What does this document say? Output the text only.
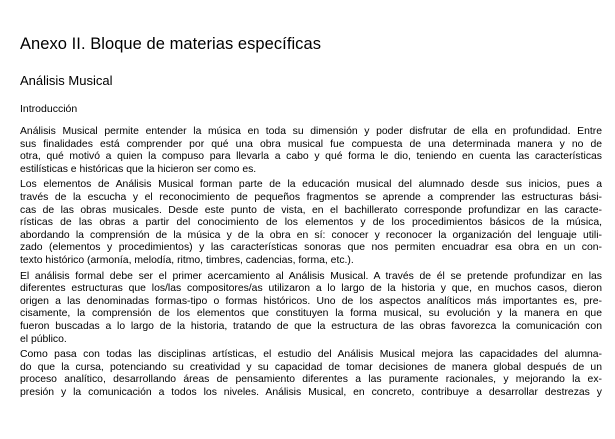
Anexo II. Bloque de materias específicas
Análisis Musical
Introducción

Análisis Musical permite entender la música en toda su dimensión y poder disfrutar de ella en profundidad. Entre
sus finalidades está comprender por qué una obra musical fue compuesta de una determinada manera y no de
otra, qué motivó a quien la compuso para llevarla a cabo y qué forma le dio, teniendo en cuenta las características
estilísticas e históricas que la hicieron ser como es.

Los elementos de Análisis Musical forman parte de la educación musical del alumnado desde sus inicios, pues a
través de la escucha y el reconocimiento de pequeños fragmentos se aprende a comprender las estructuras bási-
cas de las obras musicales. Desde este punto de vista, en el bachillerato corresponde profundizar en las caracte-
rísticas de las obras a partir del conocimiento de los elementos y de los procedimientos básicos de la música,
abordando la comprensión de la música y de la obra en sí: conocer y reconocer la organización del lenguaje utili-
zado (elementos y procedimientos) y las características sonoras que nos permiten encuadrar esa obra en un con-
texto histórico (armonía, melodía, ritmo, timbres, cadencias, forma, etc.).

El análisis formal debe ser el primer acercamiento al Análisis Musical. A través de él se pretende profundizar en las
diferentes estructuras que los/las compositores/as utilizaron a lo largo de la historia y que, en muchos casos, dieron
origen a las denominadas formas-tipo o formas históricos. Uno de los aspectos analíticos más importantes es, pre-
cisamente, la comprensión de los elementos que constituyen la forma musical, su evolución y la manera en que
fueron buscadas a lo largo de la historia, tratando de que la estructura de las obras favorezca la comunicación con
el público.

Como pasa con todas las disciplinas artísticas, el estudio del Análisis Musical mejora las capacidades del alumna-
do que la cursa, potenciando su creatividad y su capacidad de tomar decisiones de manera global después de un
proceso analítico, desarrollando áreas de pensamiento diferentes a las puramente racionales, y mejorando la ex-
presión y la comunicación a todos los niveles. Análisis Musical, en concreto, contribuye a desarrollar destrezas y
